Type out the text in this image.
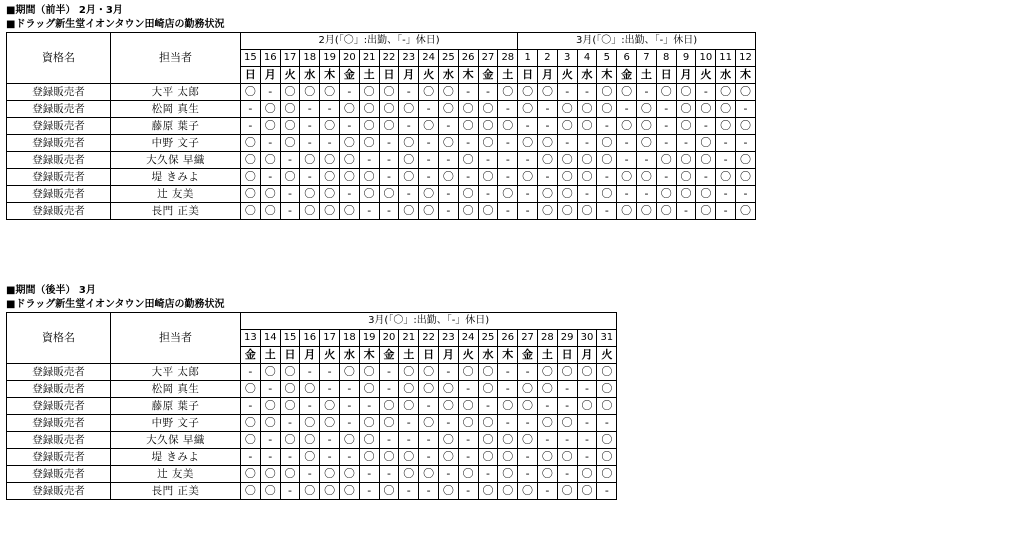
■期間（前半） 2月・3月
■ドラッグ新生堂イオンタウン田崎店の勤務状況
資格名	担当者	2月(「〇」:出勤、「-」休日)														3月(「〇」:出勤、「-」休日)											
		15	16	17	18	19	20	21	22	23	24	25	26	27	28	1	2	3	4	5	6	7	8	9	10	11	12
		日	月	火	水	木	金	土	日	月	火	水	木	金	土	日	月	火	水	木	金	土	日	月	火	水	木
登録販売者	大平 太郎	〇	-	〇	〇	〇	-	〇	〇	-	〇	〇	-	-	〇	〇	〇	-	-	〇	〇	-	〇	〇	-	〇	〇
登録販売者	松岡 真生	-	〇	〇	-	-	〇	〇	〇	〇	-	〇	〇	〇	-	〇	-	〇	〇	〇	-	〇	-	〇	〇	〇	-
登録販売者	藤原 葉子	-	〇	〇	-	〇	-	〇	〇	-	〇	-	〇	〇	〇	-	-	〇	〇	-	〇	〇	-	〇	-	〇	〇
登録販売者	中野 文子	〇	-	〇	-	-	〇	〇	-	〇	-	〇	-	〇	-	〇	〇	-	-	〇	-	〇	-	-	〇	-	-
登録販売者	大久保 早織	〇	〇	-	〇	〇	〇	-	-	〇	-	-	〇	-	-	-	〇	〇	〇	〇	-	-	〇	〇	〇	-	〇
登録販売者	堤 きみよ	〇	-	〇	-	〇	〇	〇	-	〇	-	〇	-	〇	-	〇	-	〇	〇	-	〇	〇	-	〇	-	〇	〇
登録販売者	辻 友美	〇	〇	-	〇	〇	-	〇	〇	-	〇	-	〇	-	〇	-	〇	〇	-	〇	-	-	〇	〇	〇	-	-
登録販売者	長門 正美	〇	〇	-	〇	〇	〇	-	-	〇	〇	-	〇	〇	-	-	〇	〇	〇	-	〇	〇	〇	-	〇	-	〇
■期間（後半） 3月
■ドラッグ新生堂イオンタウン田崎店の勤務状況
資格名	担当者	3月(「〇」:出勤、「-」休日)																		
		13	14	15	16	17	18	19	20	21	22	23	24	25	26	27	28	29	30	31
		金	土	日	月	火	水	木	金	土	日	月	火	水	木	金	土	日	月	火
登録販売者	大平 太郎	-	〇	〇	-	-	〇	〇	-	〇	〇	-	〇	〇	-	-	〇	〇	〇	〇
登録販売者	松岡 真生	〇	-	〇	〇	-	-	〇	-	〇	〇	〇	-	〇	-	〇	〇	-	-	〇
登録販売者	藤原 葉子	-	〇	〇	-	〇	-	-	〇	〇	-	〇	〇	-	〇	〇	-	-	〇	〇
登録販売者	中野 文子	〇	〇	-	〇	〇	-	〇	〇	-	〇	-	〇	〇	-	-	〇	〇	-	-
登録販売者	大久保 早織	〇	-	〇	〇	-	〇	〇	-	-	-	〇	-	〇	〇	〇	-	-	-	〇
登録販売者	堤 きみよ	-	-	-	〇	-	-	〇	〇	〇	-	〇	-	〇	〇	-	〇	〇	-	〇
登録販売者	辻 友美	〇	〇	〇	-	〇	〇	-	-	〇	〇	-	〇	-	〇	-	〇	-	〇	〇
登録販売者	長門 正美	〇	〇	-	〇	〇	〇	-	〇	-	-	〇	-	〇	〇	〇	-	〇	〇	-
